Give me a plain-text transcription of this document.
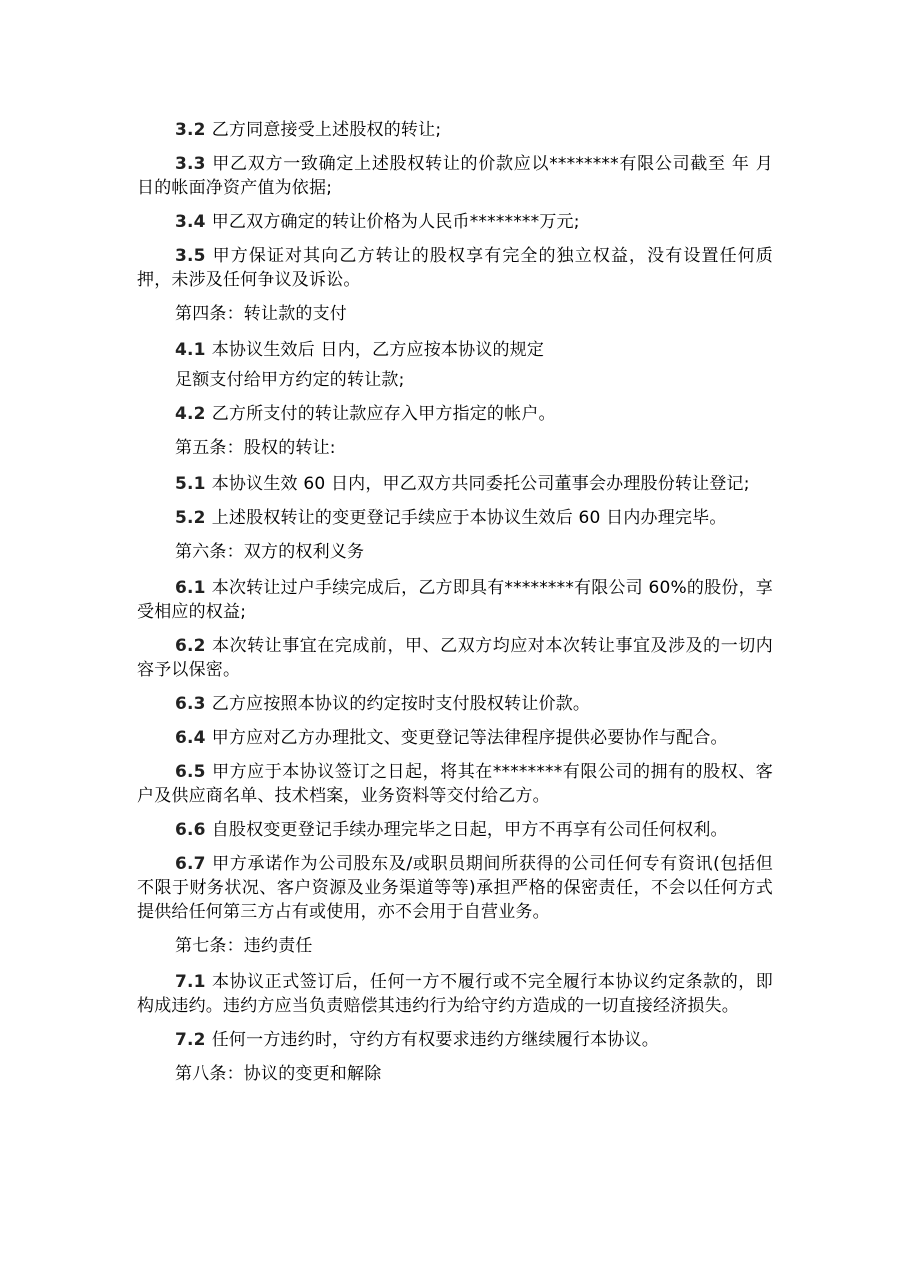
3.2 乙方同意接受上述股权的转让;

3.3 甲乙双方一致确定上述股权转让的价款应以********有限公司截至 年 月 日的帐面净资产值为依据;

3.4 甲乙双方确定的转让价格为人民币********万元;

3.5 甲方保证对其向乙方转让的股权享有完全的独立权益，没有设置任何质押，未涉及任何争议及诉讼。

第四条：转让款的支付

4.1 本协议生效后 日内，乙方应按本协议的规定

足额支付给甲方约定的转让款;

4.2 乙方所支付的转让款应存入甲方指定的帐户。

第五条：股权的转让:

5.1 本协议生效 60 日内，甲乙双方共同委托公司董事会办理股份转让登记;

5.2 上述股权转让的变更登记手续应于本协议生效后 60 日内办理完毕。

第六条：双方的权利义务

6.1 本次转让过户手续完成后，乙方即具有********有限公司 60%的股份，享受相应的权益;

6.2 本次转让事宜在完成前，甲、乙双方均应对本次转让事宜及涉及的一切内容予以保密。

6.3 乙方应按照本协议的约定按时支付股权转让价款。

6.4 甲方应对乙方办理批文、变更登记等法律程序提供必要协作与配合。

6.5 甲方应于本协议签订之日起，将其在********有限公司的拥有的股权、客户及供应商名单、技术档案，业务资料等交付给乙方。

6.6 自股权变更登记手续办理完毕之日起，甲方不再享有公司任何权利。

6.7 甲方承诺作为公司股东及/或职员期间所获得的公司任何专有资讯(包括但不限于财务状况、客户资源及业务渠道等等)承担严格的保密责任，不会以任何方式提供给任何第三方占有或使用，亦不会用于自营业务。

第七条：违约责任

7.1 本协议正式签订后，任何一方不履行或不完全履行本协议约定条款的，即构成违约。违约方应当负责赔偿其违约行为给守约方造成的一切直接经济损失。

7.2 任何一方违约时，守约方有权要求违约方继续履行本协议。

第八条：协议的变更和解除
